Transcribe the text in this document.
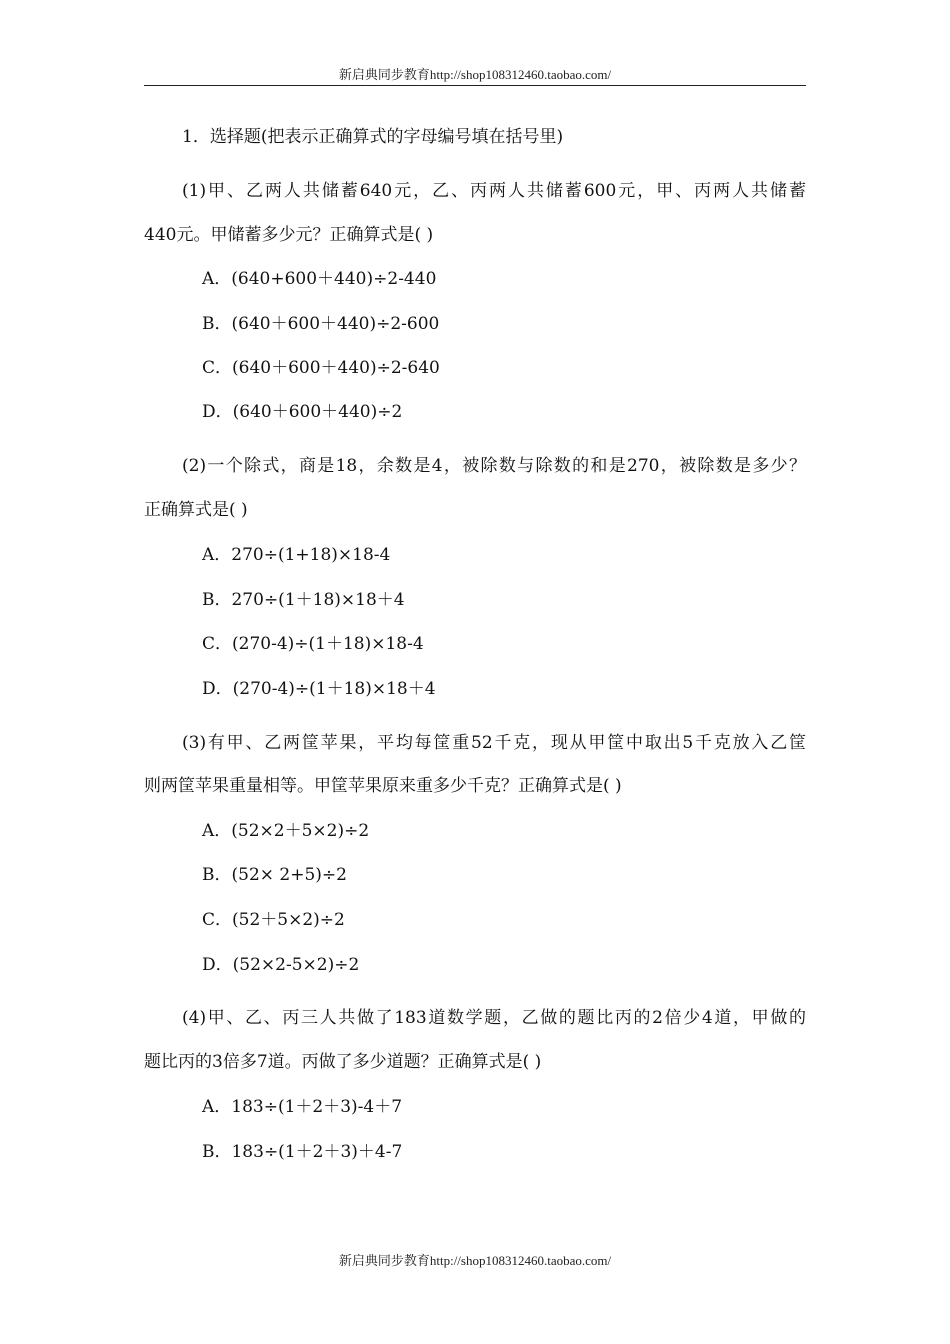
新启典同步教育http://shop108312460.taobao.com/
1．选择题(把表示正确算式的字母编号填在括号里)
(1)甲、乙两人共储蓄640元，乙、丙两人共储蓄600元，甲、丙两人共储蓄
440元。甲储蓄多少元？正确算式是( )
A．(640+600＋440)÷2-440
B．(640＋600＋440)÷2-600
C．(640＋600＋440)÷2-640
D．(640＋600＋440)÷2
(2)一个除式，商是18，余数是4，被除数与除数的和是270，被除数是多少？
正确算式是( )
A．270÷(1+18)×18-4
B．270÷(1＋18)×18＋4
C．(270-4)÷(1＋18)×18-4
D．(270-4)÷(1＋18)×18＋4
(3)有甲、乙两筐苹果，平均每筐重52千克，现从甲筐中取出5千克放入乙筐
则两筐苹果重量相等。甲筐苹果原来重多少千克？正确算式是( )
A．(52×2＋5×2)÷2
B．(52× 2+5)÷2
C．(52＋5×2)÷2
D．(52×2-5×2)÷2
(4)甲、乙、丙三人共做了183道数学题，乙做的题比丙的2倍少4道，甲做的
题比丙的3倍多7道。丙做了多少道题？正确算式是( )
A．183÷(1＋2＋3)-4＋7
B．183÷(1＋2＋3)＋4-7
新启典同步教育http://shop108312460.taobao.com/
